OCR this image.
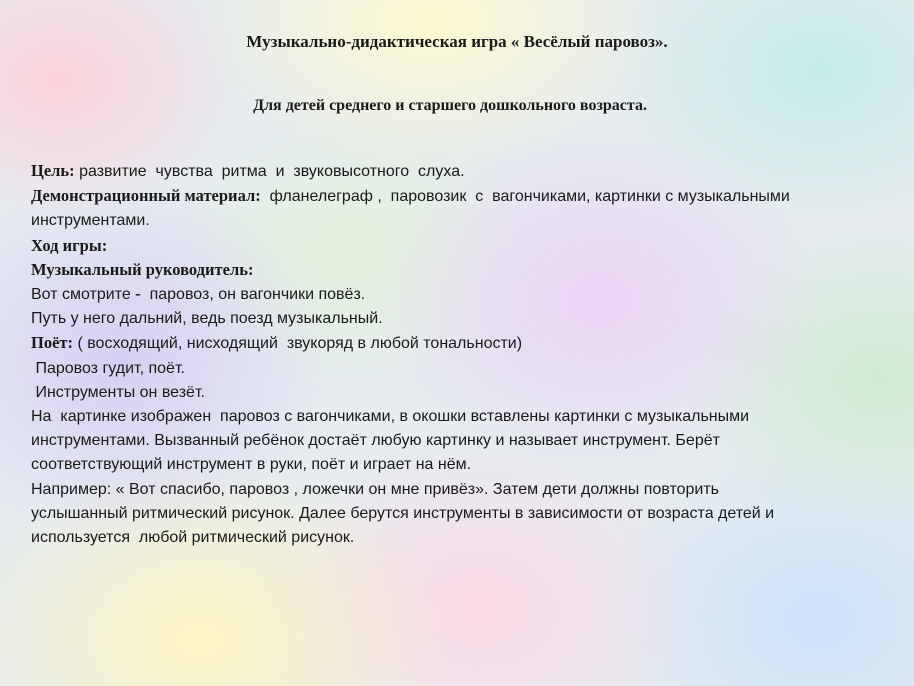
Музыкально-дидактическая игра « Весёлый паровоз».
Для детей среднего и старшего дошкольного возраста.
Цель: развитие  чувства  ритма  и  звуковысотного  слуха.
Демонстрационный материал:  фланелеграф ,  паровозик  с  вагончиками, картинки с музыкальными
инструментами.
Ход игры:
Музыкальный руководитель:
Вот смотрите -  паровоз, он вагончики повёз.
Путь у него дальний, ведь поезд музыкальный.
Поёт: ( восходящий, нисходящий  звукоряд в любой тональности)
Паровоз гудит, поёт.
Инструменты он везёт.
На  картинке изображен  паровоз с вагончиками, в окошки вставлены картинки с музыкальными
инструментами. Вызванный ребёнок достаёт любую картинку и называет инструмент. Берёт
соответствующий инструмент в руки, поёт и играет на нём.
Например: « Вот спасибо, паровоз , ложечки он мне привёз». Затем дети должны повторить
услышанный ритмический рисунок. Далее берутся инструменты в зависимости от возраста детей и
используется  любой ритмический рисунок.
